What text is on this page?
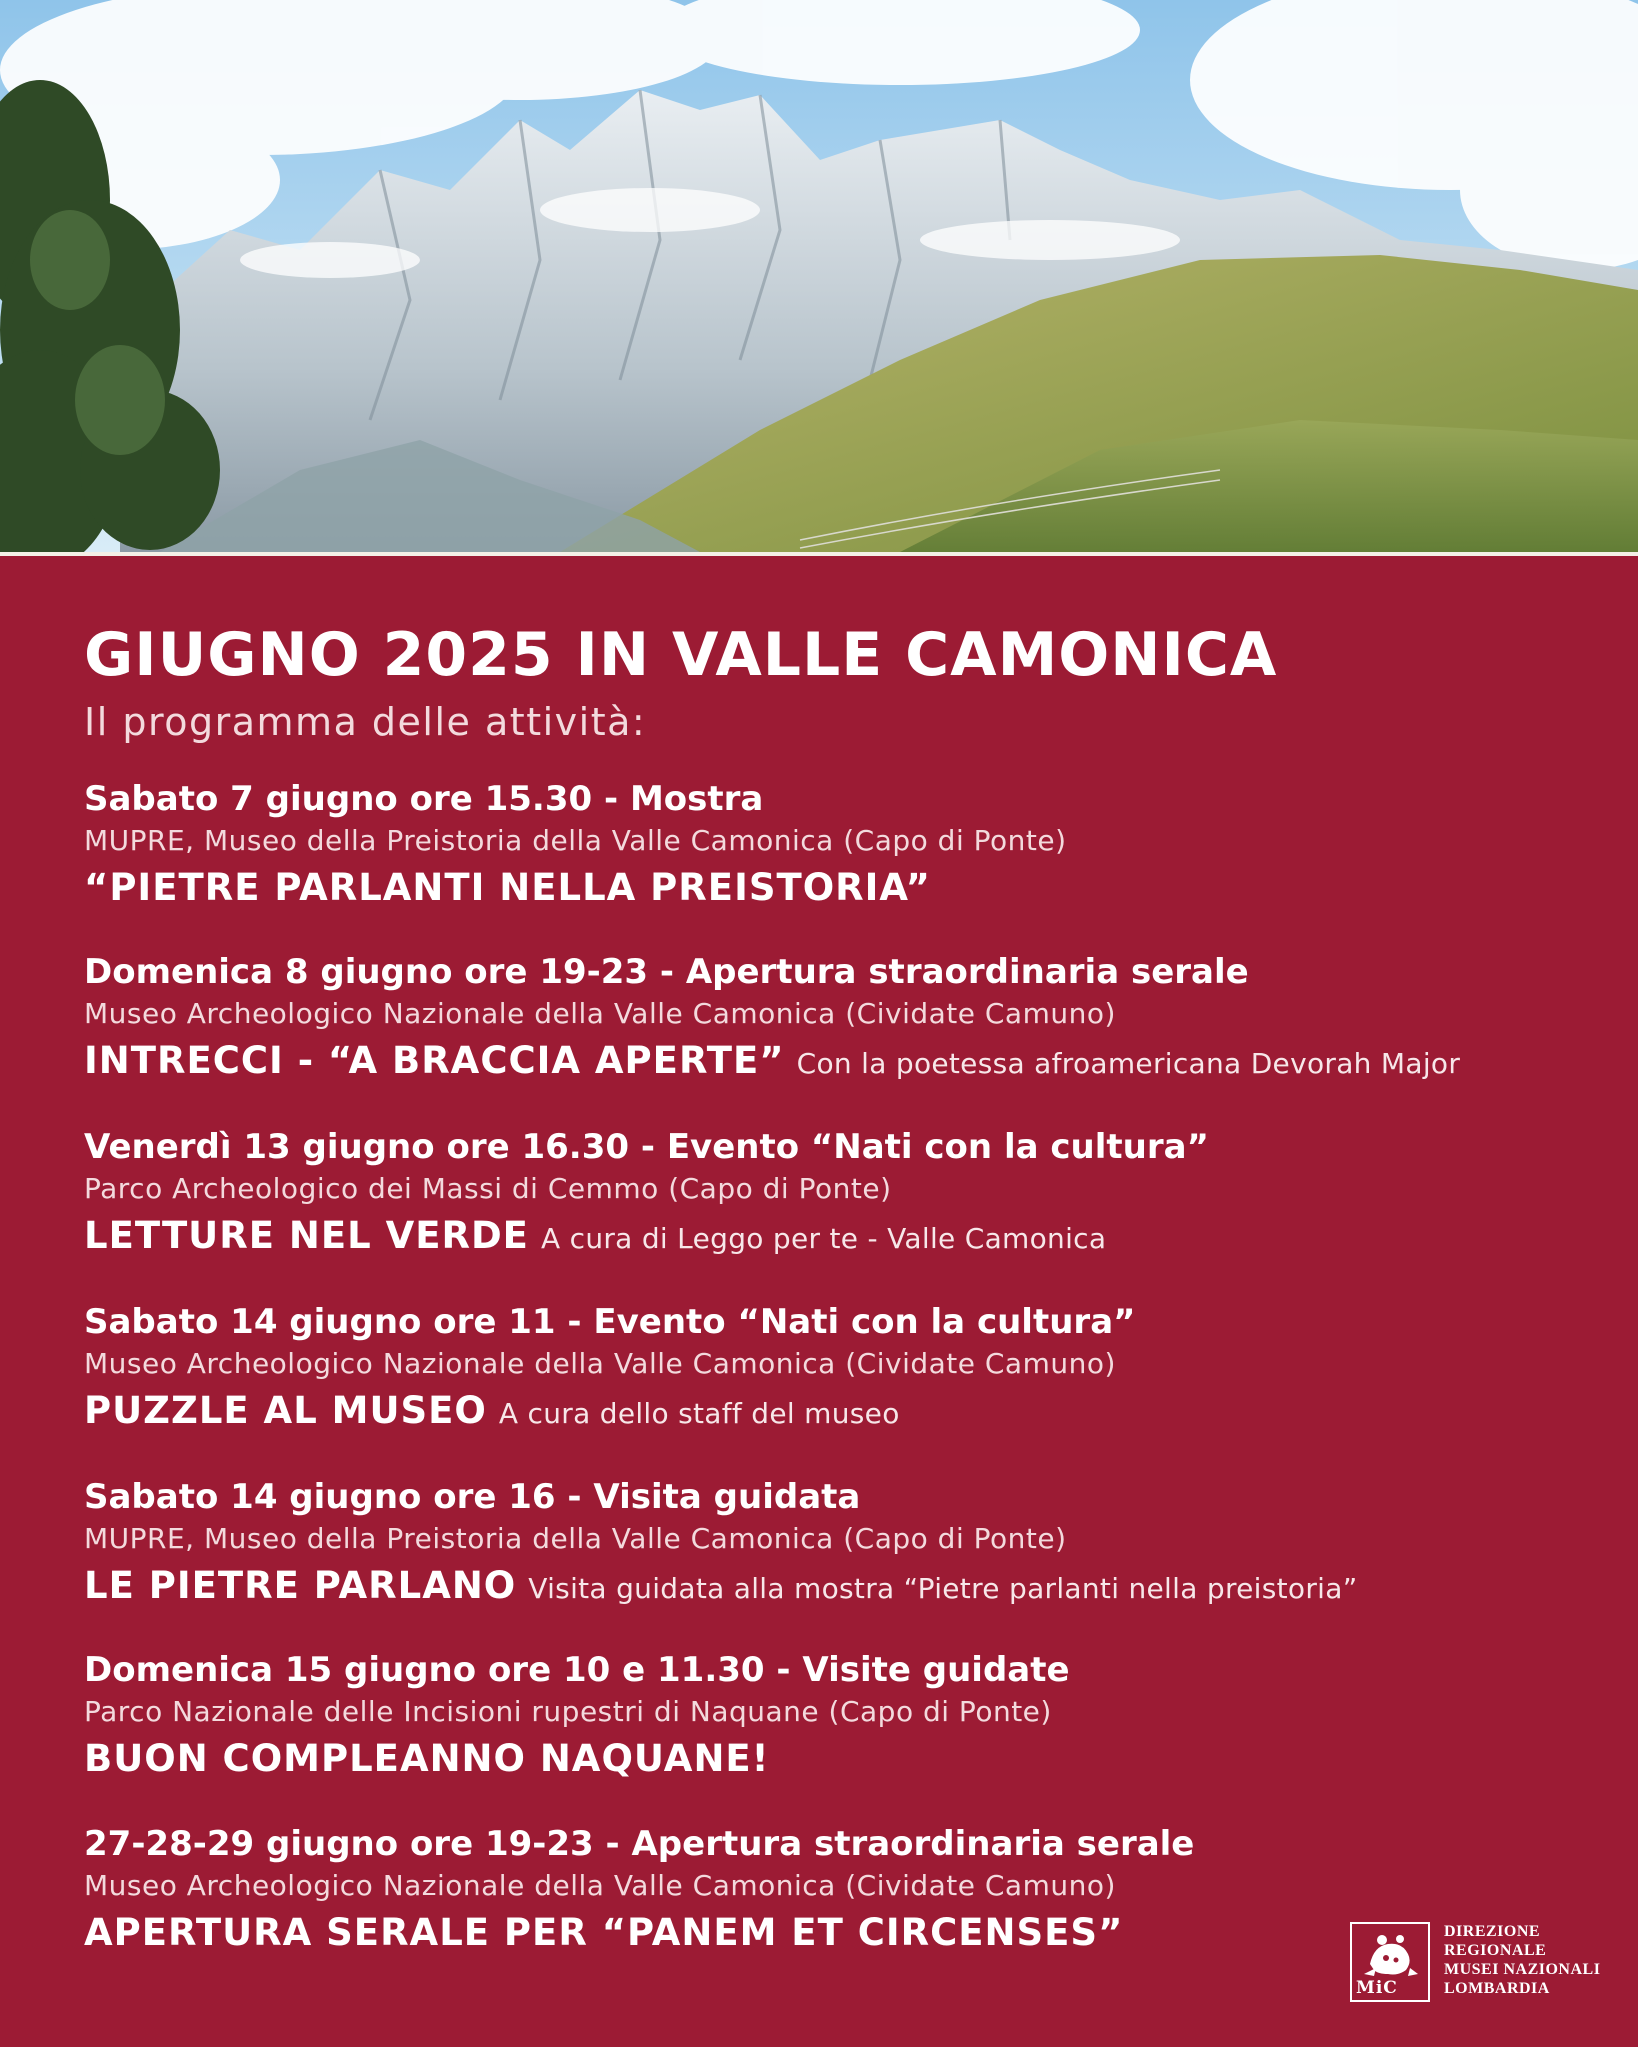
GIUGNO 2025 IN VALLE CAMONICA
Il programma delle attività:
Sabato 7 giugno ore 15.30 - Mostra
MUPRE, Museo della Preistoria della Valle Camonica (Capo di Ponte)
“PIETRE PARLANTI NELLA PREISTORIA”
Domenica 8 giugno ore 19-23 - Apertura straordinaria serale
Museo Archeologico Nazionale della Valle Camonica (Cividate Camuno)
INTRECCI - “A BRACCIA APERTE” Con la poetessa afroamericana Devorah Major
Venerdì 13 giugno ore 16.30 - Evento “Nati con la cultura”
Parco Archeologico dei Massi di Cemmo (Capo di Ponte)
LETTURE NEL VERDE A cura di Leggo per te - Valle Camonica
Sabato 14 giugno ore 11 - Evento “Nati con la cultura”
Museo Archeologico Nazionale della Valle Camonica (Cividate Camuno)
PUZZLE AL MUSEO A cura dello staff del museo
Sabato 14 giugno ore 16 - Visita guidata
MUPRE, Museo della Preistoria della Valle Camonica (Capo di Ponte)
LE PIETRE PARLANO Visita guidata alla mostra “Pietre parlanti nella preistoria”
Domenica 15 giugno ore 10 e 11.30 - Visite guidate
Parco Nazionale delle Incisioni rupestri di Naquane (Capo di Ponte)
BUON COMPLEANNO NAQUANE!
27-28-29 giugno ore 19-23 - Apertura straordinaria serale
Museo Archeologico Nazionale della Valle Camonica (Cividate Camuno)
APERTURA SERALE PER “PANEM ET CIRCENSES”
MiC
DIREZIONE
REGIONALE
MUSEI NAZIONALI
LOMBARDIA
